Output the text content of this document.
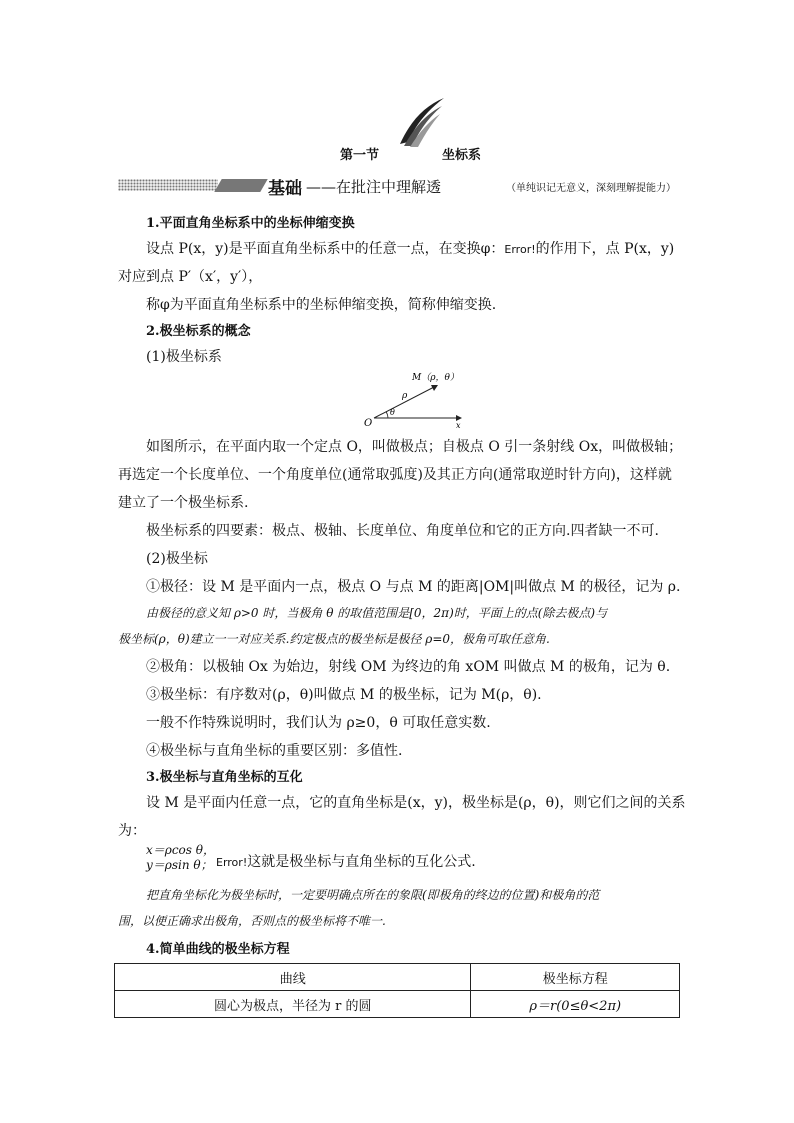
第一节	坐标系
基础 ——在批注中理解透	（单纯识记无意义，深刻理解提能力）
1.平面直角坐标系中的坐标伸缩变换
设点 P(x，y)是平面直角坐标系中的任意一点，在变换φ：Error!的作用下，点 P(x，y)
对应到点 P′（x′，y′），
称φ为平面直角坐标系中的坐标伸缩变换，简称伸缩变换.
2.极坐标系的概念
(1)极坐标系
M（ρ，θ）
ρ
θ
O	x
如图所示，在平面内取一个定点 O，叫做极点；自极点 O 引一条射线 Ox，叫做极轴；
再选定一个长度单位、一个角度单位(通常取弧度)及其正方向(通常取逆时针方向)，这样就
建立了一个极坐标系.
极坐标系的四要素：极点、极轴、长度单位、角度单位和它的正方向.四者缺一不可.
(2)极坐标
①极径：设 M 是平面内一点，极点 O 与点 M 的距离|OM|叫做点 M 的极径，记为 ρ.
由极径的意义知 ρ>0 时，当极角 θ 的取值范围是[0，2π)时，平面上的点(除去极点)与
极坐标(ρ，θ)建立一一对应关系.约定极点的极坐标是极径 ρ=0，极角可取任意角.
②极角：以极轴 Ox 为始边，射线 OM 为终边的角 xOM 叫做点 M 的极角，记为 θ.
③极坐标：有序数对(ρ，θ)叫做点 M 的极坐标，记为 M(ρ，θ).
一般不作特殊说明时，我们认为 ρ≥0，θ 可取任意实数.
④极坐标与直角坐标的重要区别：多值性.
3.极坐标与直角坐标的互化
设 M 是平面内任意一点，它的直角坐标是(x，y)，极坐标是(ρ，θ)，则它们之间的关系
为：
x＝ρcos θ，
y＝ρsin θ； Error!这就是极坐标与直角坐标的互化公式.
把直角坐标化为极坐标时，一定要明确点所在的象限(即极角的终边的位置)和极角的范
围，以便正确求出极角，否则点的极坐标将不唯一.
4.简单曲线的极坐标方程
曲线	极坐标方程
圆心为极点，半径为 r 的圆	ρ＝r(0≤θ<2π)
